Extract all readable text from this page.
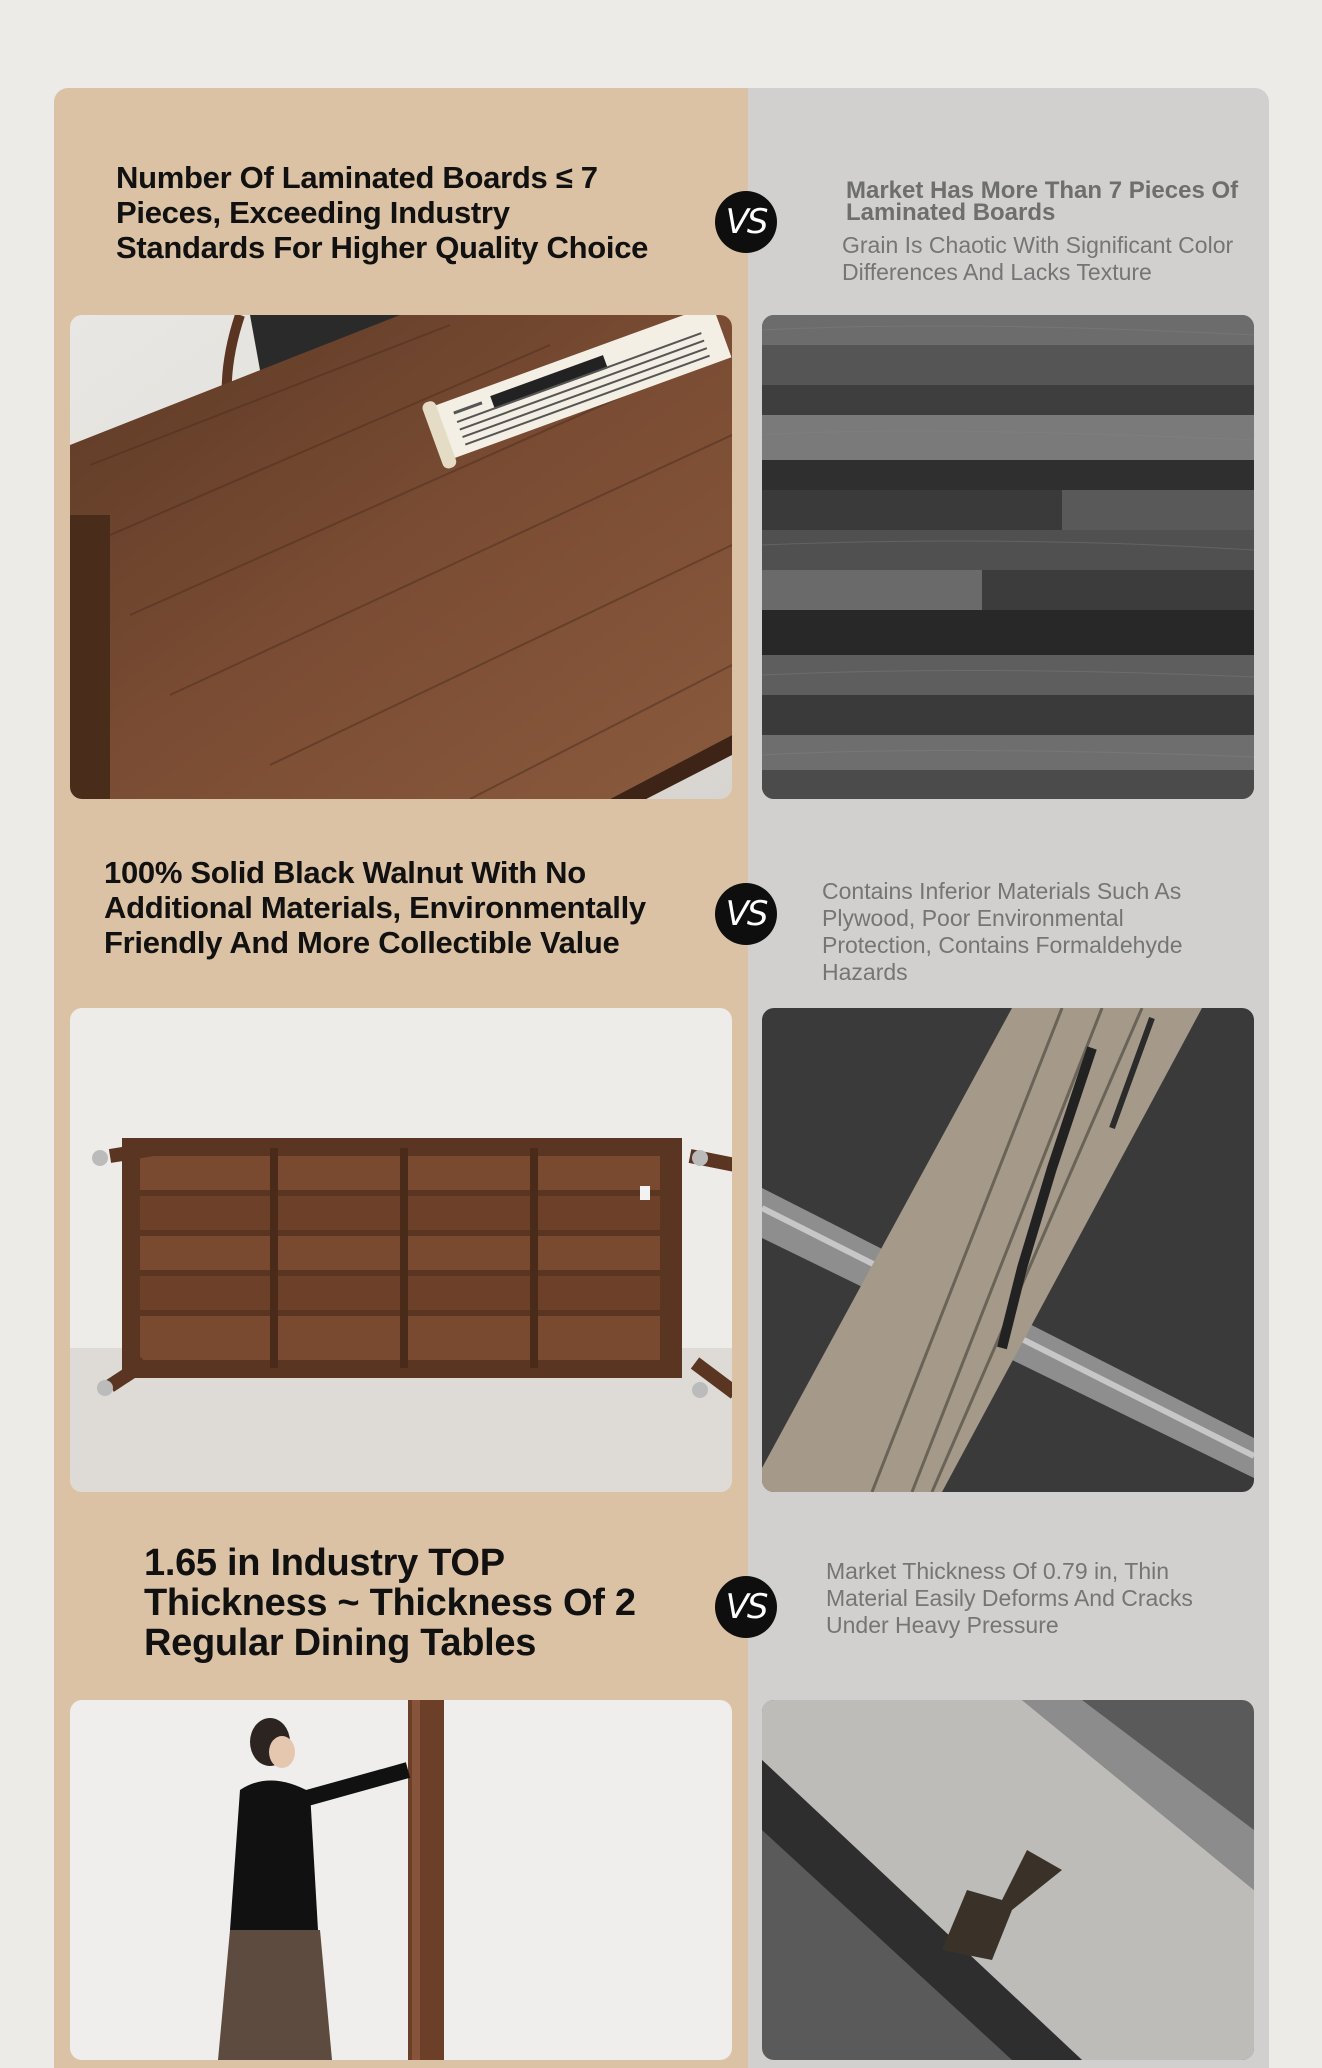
Number Of Laminated Boards ≤ 7 Pieces, Exceeding Industry Standards For Higher Quality Choice
VS
Market Has More Than 7 Pieces Of Laminated Boards
Grain Is Chaotic With Significant Color Differences And Lacks Texture
100% Solid Black Walnut With No Additional Materials, Environmentally Friendly And More Collectible Value
VS
Contains Inferior Materials Such As Plywood, Poor Environmental Protection, Contains Formaldehyde Hazards
1.65 in Industry TOP Thickness ~ Thickness Of 2 Regular Dining Tables
VS
Market Thickness Of 0.79 in, Thin Material Easily Deforms And Cracks Under Heavy Pressure
